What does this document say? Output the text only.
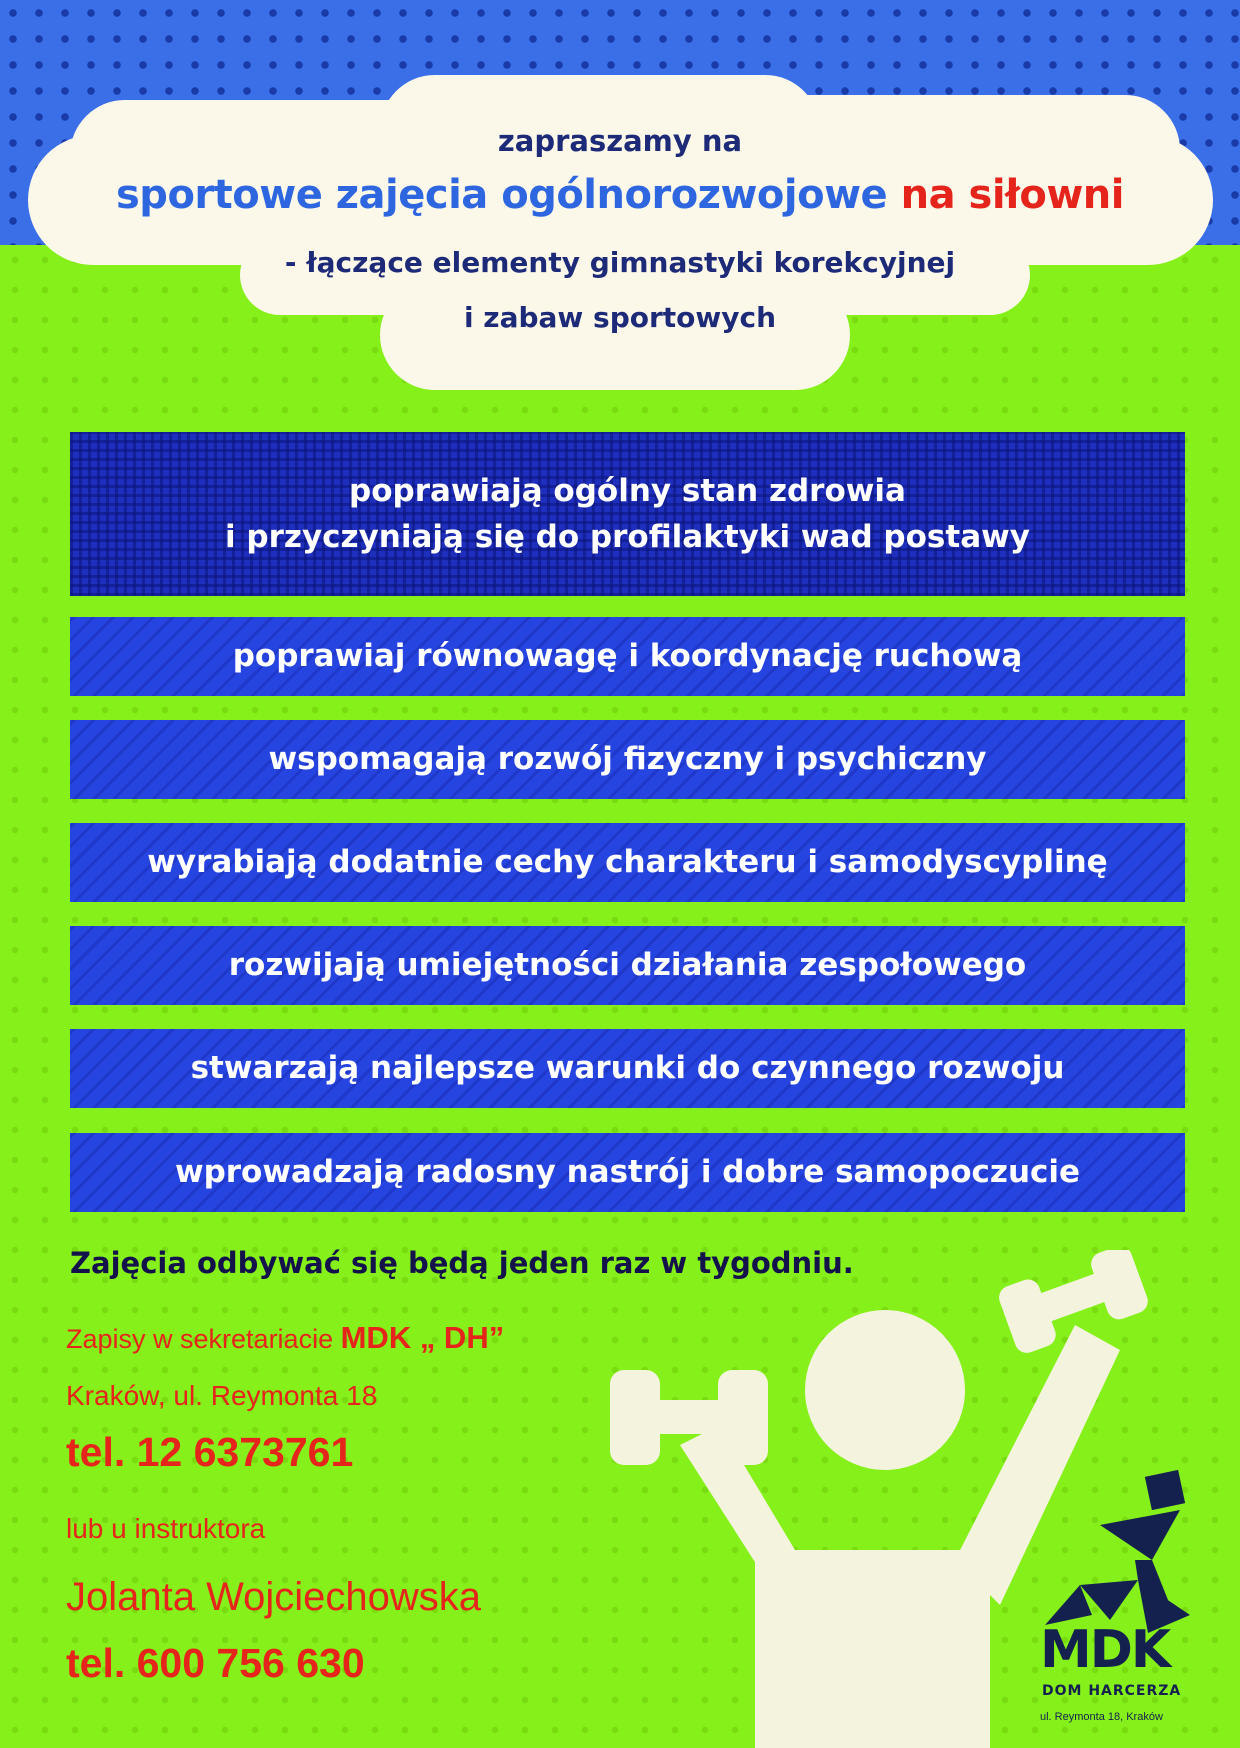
zapraszamy na
sportowe zajęcia ogólnorozwojowe na siłowni
- łączące elementy gimnastyki korekcyjnej
i zabaw sportowych
poprawiają ogólny stan zdrowia
i przyczyniają się do profilaktyki wad postawy
poprawiaj równowagę i koordynację ruchową
wspomagają rozwój fizyczny i psychiczny
wyrabiają dodatnie cechy charakteru i samodyscyplinę
rozwijają umiejętności działania zespołowego
stwarzają najlepsze warunki do czynnego rozwoju
wprowadzają radosny nastrój i dobre samopoczucie
Zajęcia odbywać się będą jeden raz w tygodniu.
MDK
DOM HARCERZA
ul. Reymonta 18, Kraków
Zapisy w sekretariacie MDK „ DH”
Kraków, ul. Reymonta 18
tel. 12 6373761
lub u instruktora
Jolanta Wojciechowska
tel. 600 756 630
